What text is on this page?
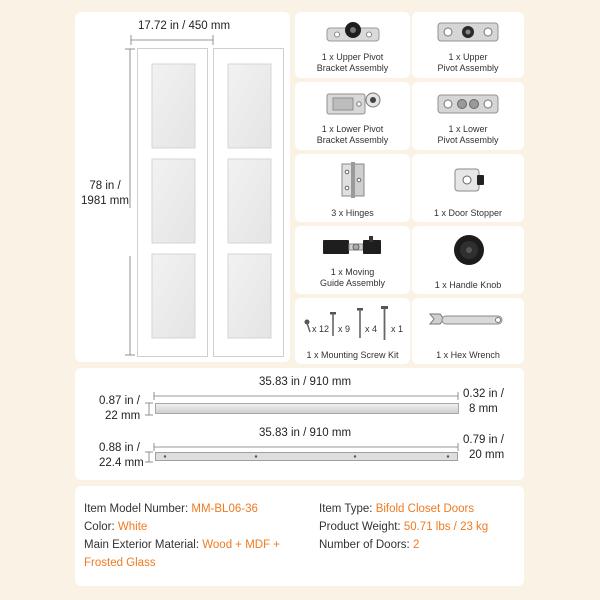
17.72 in / 450 mm
78 in /
1981 mm
1 x Upper Pivot
Bracket Assembly
1 x Upper
Pivot Assembly
1 x Lower Pivot
Bracket Assembly
1 x Lower
Pivot Assembly
3 x Hinges	1 x Door Stopper
1 x Moving
Guide Assembly	1 x Handle Knob
x 12 x 9 x 4 x 1
1 x Mounting Screw Kit	1 x Hex Wrench
35.83 in / 910 mm
0.87 in /
22 mm
0.32 in /
8 mm
35.83 in / 910 mm
0.88 in /
22.4 mm
0.79 in /
20 mm
Item Model Number: MM-BL06-36
Color: White
Main Exterior Material: Wood + MDF +
Frosted Glass
Item Type: Bifold Closet Doors
Product Weight: 50.71 lbs / 23 kg
Number of Doors: 2
